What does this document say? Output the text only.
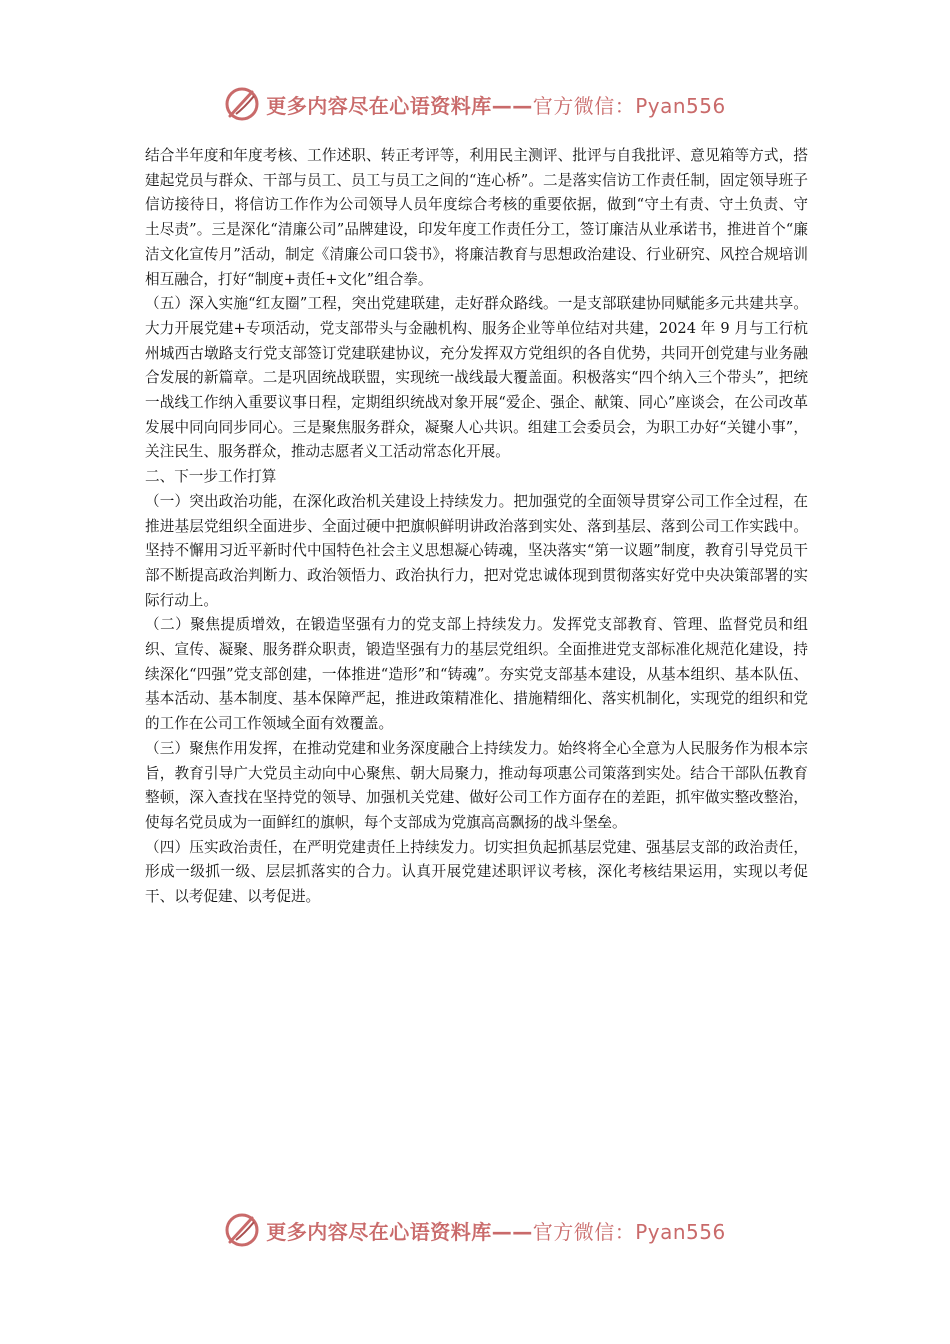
更多内容尽在心语资料库——官方微信：Pyan556

结合半年度和年度考核、工作述职、转正考评等，利用民主测评、批评与自我批评、意见箱等方式，搭建起党员与群众、干部与员工、员工与员工之间的“连心桥”。二是落实信访工作责任制，固定领导班子信访接待日，将信访工作作为公司领导人员年度综合考核的重要依据，做到“守土有责、守土负责、守土尽责”。三是深化“清廉公司”品牌建设，印发年度工作责任分工，签订廉洁从业承诺书，推进首个“廉洁文化宣传月”活动，制定《清廉公司口袋书》，将廉洁教育与思想政治建设、行业研究、风控合规培训相互融合，打好“制度+责任+文化”组合拳。

（五）深入实施“红友圈”工程，突出党建联建，走好群众路线。一是支部联建协同赋能多元共建共享。大力开展党建+专项活动，党支部带头与金融机构、服务企业等单位结对共建，2024 年 9 月与工行杭州城西古墩路支行党支部签订党建联建协议，充分发挥双方党组织的各自优势，共同开创党建与业务融合发展的新篇章。二是巩固统战联盟，实现统一战线最大覆盖面。积极落实“四个纳入三个带头”，把统一战线工作纳入重要议事日程，定期组织统战对象开展“爱企、强企、献策、同心”座谈会，在公司改革发展中同向同步同心。三是聚焦服务群众，凝聚人心共识。组建工会委员会，为职工办好“关键小事”，关注民生、服务群众，推动志愿者义工活动常态化开展。

二、下一步工作打算

（一）突出政治功能，在深化政治机关建设上持续发力。把加强党的全面领导贯穿公司工作全过程，在推进基层党组织全面进步、全面过硬中把旗帜鲜明讲政治落到实处、落到基层、落到公司工作实践中。坚持不懈用习近平新时代中国特色社会主义思想凝心铸魂，坚决落实“第一议题”制度，教育引导党员干部不断提高政治判断力、政治领悟力、政治执行力，把对党忠诚体现到贯彻落实好党中央决策部署的实际行动上。

（二）聚焦提质增效，在锻造坚强有力的党支部上持续发力。发挥党支部教育、管理、监督党员和组织、宣传、凝聚、服务群众职责，锻造坚强有力的基层党组织。全面推进党支部标准化规范化建设，持续深化“四强”党支部创建，一体推进“造形”和“铸魂”。夯实党支部基本建设，从基本组织、基本队伍、基本活动、基本制度、基本保障严起，推进政策精准化、措施精细化、落实机制化，实现党的组织和党的工作在公司工作领域全面有效覆盖。

（三）聚焦作用发挥，在推动党建和业务深度融合上持续发力。始终将全心全意为人民服务作为根本宗旨，教育引导广大党员主动向中心聚焦、朝大局聚力，推动每项惠公司策落到实处。结合干部队伍教育整顿，深入查找在坚持党的领导、加强机关党建、做好公司工作方面存在的差距，抓牢做实整改整治，使每名党员成为一面鲜红的旗帜，每个支部成为党旗高高飘扬的战斗堡垒。

（四）压实政治责任，在严明党建责任上持续发力。切实担负起抓基层党建、强基层支部的政治责任，形成一级抓一级、层层抓落实的合力。认真开展党建述职评议考核，深化考核结果运用，实现以考促干、以考促建、以考促进。

更多内容尽在心语资料库——官方微信：Pyan556
